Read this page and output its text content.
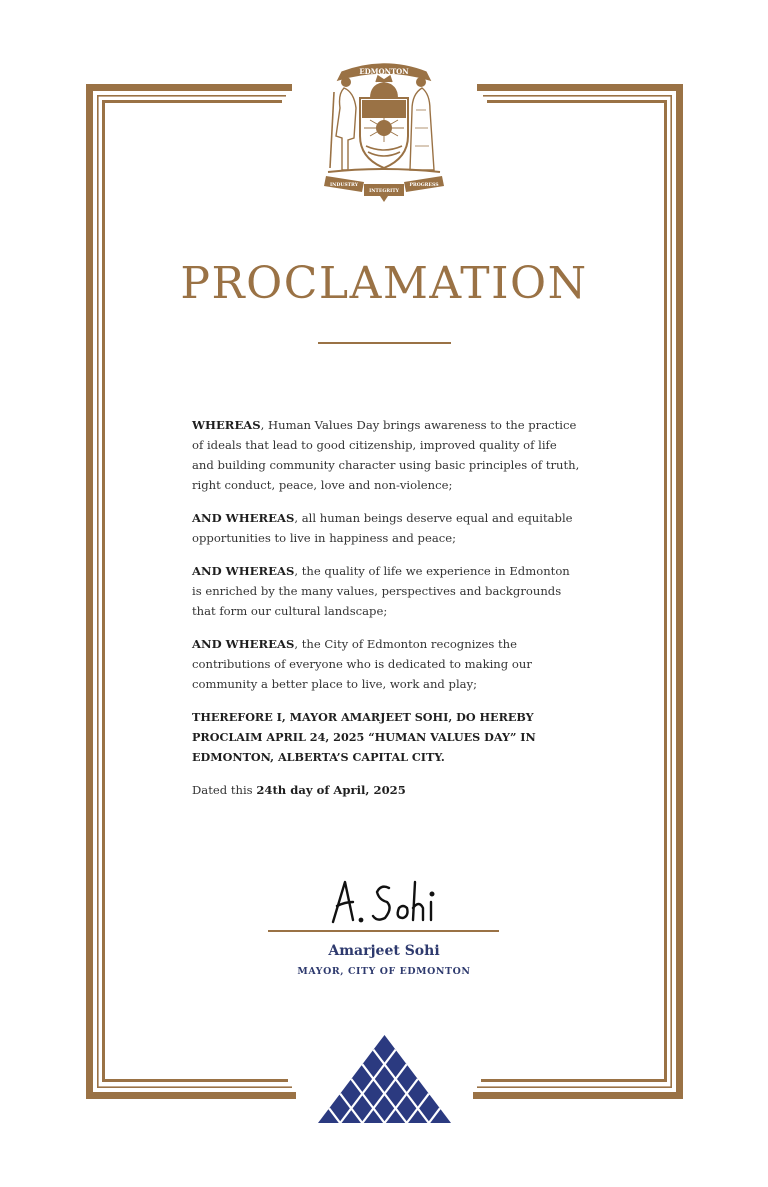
EDMONTON
INDUSTRY
INTEGRITY
PROGRESS
PROCLAMATION

WHEREAS, Human Values Day brings awareness to the practice of ideals that lead to good citizenship, improved quality of life and building community character using basic principles of truth, right conduct, peace, love and non-violence;

AND WHEREAS, all human beings deserve equal and equitable opportunities to live in happiness and peace;

AND WHEREAS, the quality of life we experience in Edmonton is enriched by the many values, perspectives and backgrounds that form our cultural landscape;

AND WHEREAS, the City of Edmonton recognizes the contributions of everyone who is dedicated to making our community a better place to live, work and play;

THEREFORE I, MAYOR AMARJEET SOHI, DO HEREBY PROCLAIM APRIL 24, 2025 “HUMAN VALUES DAY” IN EDMONTON, ALBERTA’S CAPITAL CITY.

Dated this 24th day of April, 2025

Amarjeet Sohi
MAYOR, CITY OF EDMONTON
